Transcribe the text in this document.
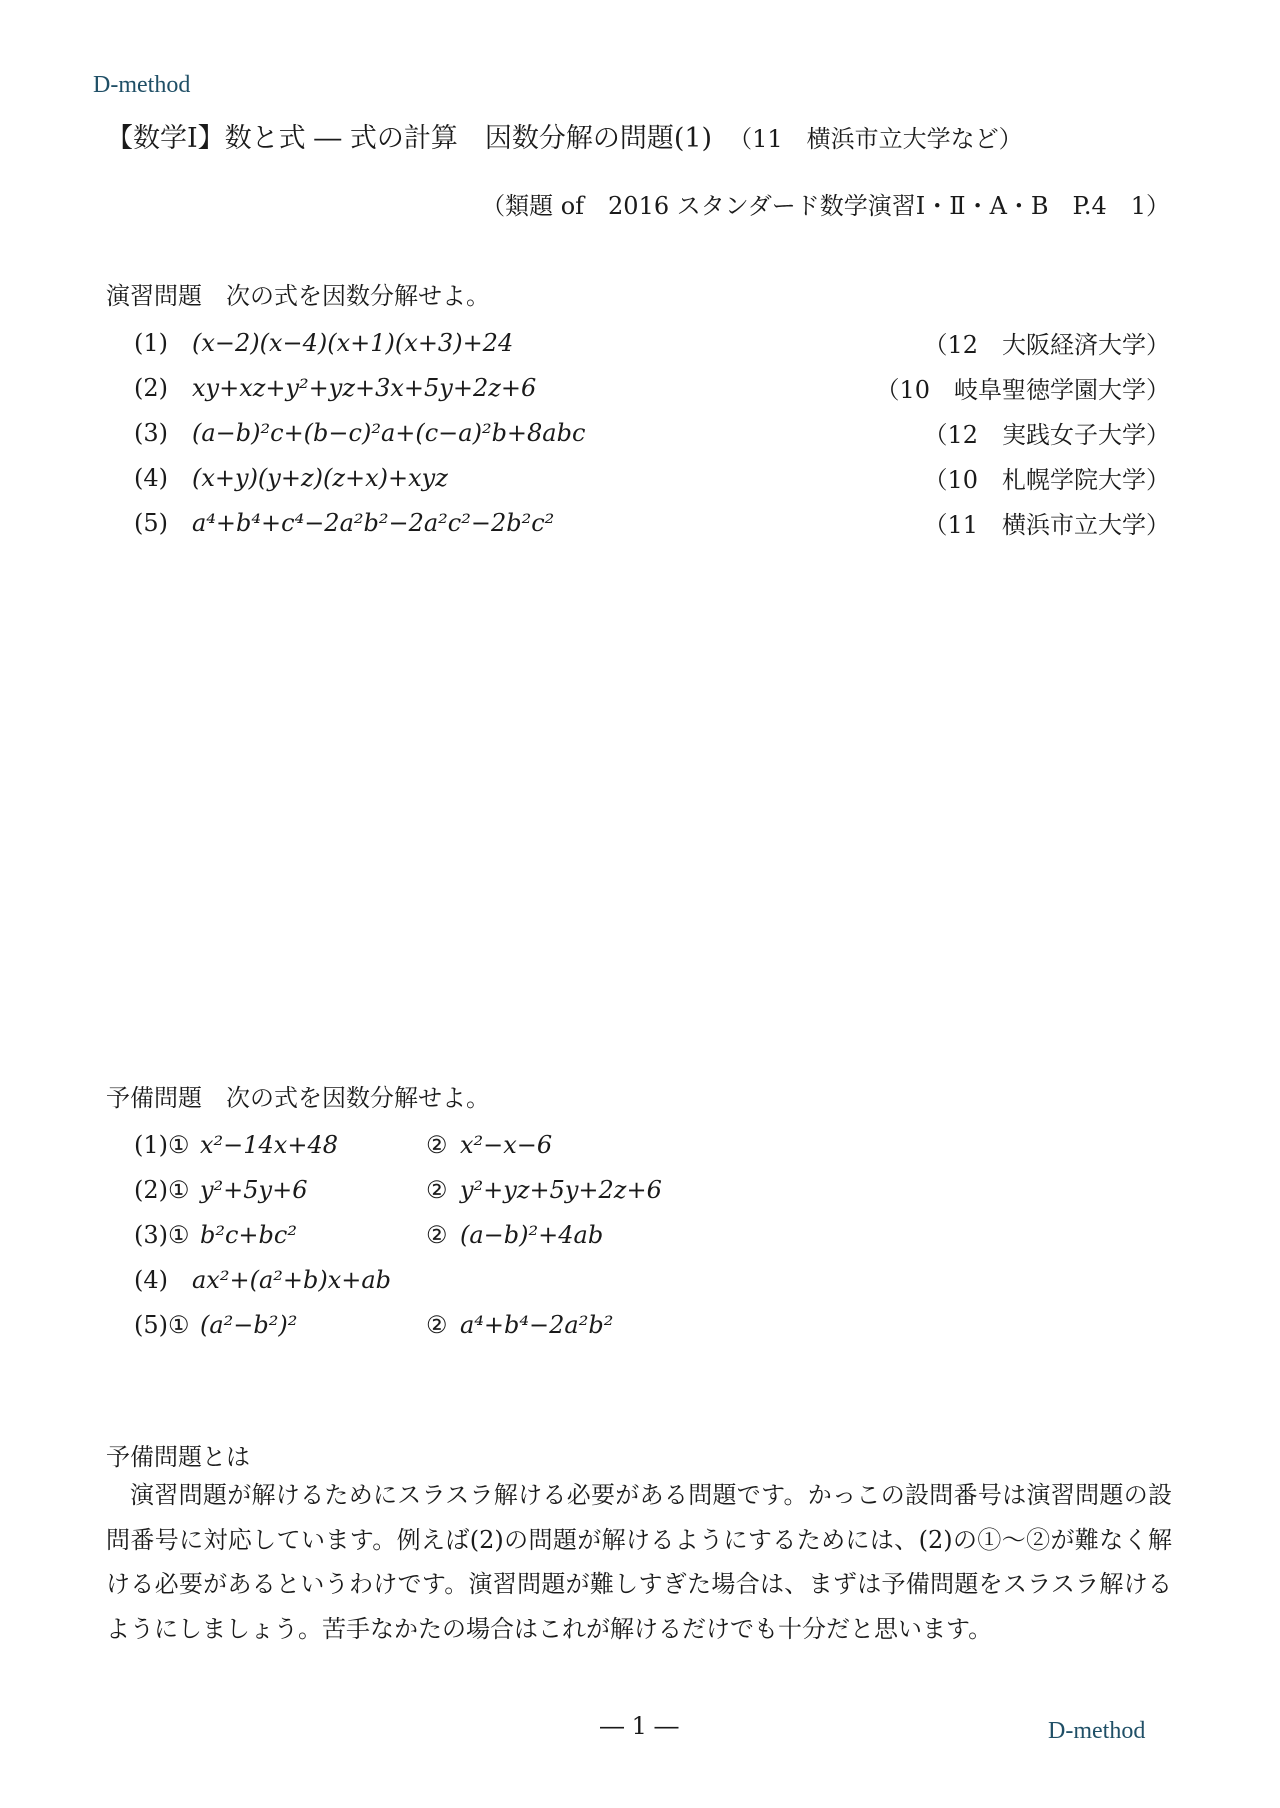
D-method
【数学Ⅰ】数と式 ― 式の計算　因数分解の問題(1) （11　横浜市立大学など）
（類題 of　2016 スタンダード数学演習Ⅰ・Ⅱ・A・B　P.4　1）
演習問題　次の式を因数分解せよ。
(1)	(x−2)(x−4)(x+1)(x+3)+24	（12　大阪経済大学）
(2)	xy+xz+y²+yz+3x+5y+2z+6	（10　岐阜聖徳学園大学）
(3)	(a−b)²c+(b−c)²a+(c−a)²b+8abc	（12　実践女子大学）
(4)	(x+y)(y+z)(z+x)+xyz	（10　札幌学院大学）
(5)	a⁴+b⁴+c⁴−2a²b²−2a²c²−2b²c²	（11　横浜市立大学）
予備問題　次の式を因数分解せよ。
(1)① x²−14x+48	② x²−x−6
(2)① y²+5y+6	② y²+yz+5y+2z+6
(3)① b²c+bc²	② (a−b)²+4ab
(4)	ax²+(a²+b)x+ab
(5)① (a²−b²)²	② a⁴+b⁴−2a²b²
予備問題とは
演習問題が解けるためにスラスラ解ける必要がある問題です。かっこの設問番号は演習問題の設問番号に対応しています。例えば(2)の問題が解けるようにするためには、(2)の①～②が難なく解ける必要があるというわけです。演習問題が難しすぎた場合は、まずは予備問題をスラスラ解けるようにしましょう。苦手なかたの場合はこれが解けるだけでも十分だと思います。
― 1 ―	D-method
